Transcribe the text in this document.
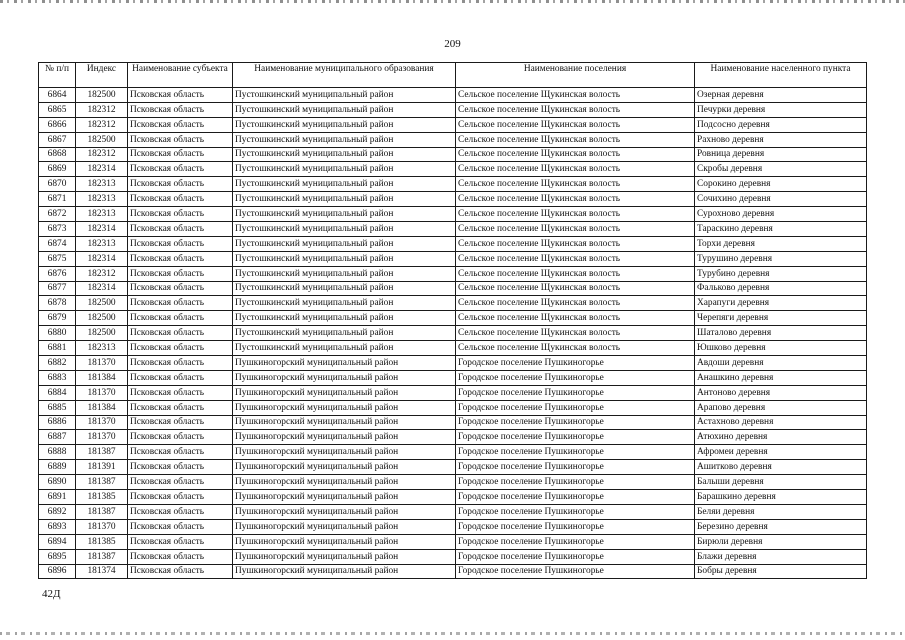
209
№ п/п	Индекс	Наименование субъекта	Наименование муниципального образования	Наименование поселения	Наименование населенного пункта
6864	182500	Псковская область	Пустошкинский муниципальный район	Сельское поселение Щукинская волость	Озерная деревня
6865	182312	Псковская область	Пустошкинский муниципальный район	Сельское поселение Щукинская волость	Печурки деревня
6866	182312	Псковская область	Пустошкинский муниципальный район	Сельское поселение Щукинская волость	Подсосно деревня
6867	182500	Псковская область	Пустошкинский муниципальный район	Сельское поселение Щукинская волость	Рахново деревня
6868	182312	Псковская область	Пустошкинский муниципальный район	Сельское поселение Щукинская волость	Ровница деревня
6869	182314	Псковская область	Пустошкинский муниципальный район	Сельское поселение Щукинская волость	Скробы деревня
6870	182313	Псковская область	Пустошкинский муниципальный район	Сельское поселение Щукинская волость	Сорокино деревня
6871	182313	Псковская область	Пустошкинский муниципальный район	Сельское поселение Щукинская волость	Сочихино деревня
6872	182313	Псковская область	Пустошкинский муниципальный район	Сельское поселение Щукинская волость	Сурохново деревня
6873	182314	Псковская область	Пустошкинский муниципальный район	Сельское поселение Щукинская волость	Тараскино деревня
6874	182313	Псковская область	Пустошкинский муниципальный район	Сельское поселение Щукинская волость	Торхи деревня
6875	182314	Псковская область	Пустошкинский муниципальный район	Сельское поселение Щукинская волость	Турушино деревня
6876	182312	Псковская область	Пустошкинский муниципальный район	Сельское поселение Щукинская волость	Турубино деревня
6877	182314	Псковская область	Пустошкинский муниципальный район	Сельское поселение Щукинская волость	Фальково деревня
6878	182500	Псковская область	Пустошкинский муниципальный район	Сельское поселение Щукинская волость	Харапуги деревня
6879	182500	Псковская область	Пустошкинский муниципальный район	Сельское поселение Щукинская волость	Черепяги деревня
6880	182500	Псковская область	Пустошкинский муниципальный район	Сельское поселение Щукинская волость	Шаталово деревня
6881	182313	Псковская область	Пустошкинский муниципальный район	Сельское поселение Щукинская волость	Юшково деревня
6882	181370	Псковская область	Пушкиногорский муниципальный район	Городское поселение Пушкиногорье	Авдоши деревня
6883	181384	Псковская область	Пушкиногорский муниципальный район	Городское поселение Пушкиногорье	Анашкино деревня
6884	181370	Псковская область	Пушкиногорский муниципальный район	Городское поселение Пушкиногорье	Антоново деревня
6885	181384	Псковская область	Пушкиногорский муниципальный район	Городское поселение Пушкиногорье	Арапово деревня
6886	181370	Псковская область	Пушкиногорский муниципальный район	Городское поселение Пушкиногорье	Астахново деревня
6887	181370	Псковская область	Пушкиногорский муниципальный район	Городское поселение Пушкиногорье	Атюхино деревня
6888	181387	Псковская область	Пушкиногорский муниципальный район	Городское поселение Пушкиногорье	Афромеи деревня
6889	181391	Псковская область	Пушкиногорский муниципальный район	Городское поселение Пушкиногорье	Ашитково деревня
6890	181387	Псковская область	Пушкиногорский муниципальный район	Городское поселение Пушкиногорье	Балыши деревня
6891	181385	Псковская область	Пушкиногорский муниципальный район	Городское поселение Пушкиногорье	Барашкино деревня
6892	181387	Псковская область	Пушкиногорский муниципальный район	Городское поселение Пушкиногорье	Беляи деревня
6893	181370	Псковская область	Пушкиногорский муниципальный район	Городское поселение Пушкиногорье	Березино деревня
6894	181385	Псковская область	Пушкиногорский муниципальный район	Городское поселение Пушкиногорье	Бирюли деревня
6895	181387	Псковская область	Пушкиногорский муниципальный район	Городское поселение Пушкиногорье	Блажи деревня
6896	181374	Псковская область	Пушкиногорский муниципальный район	Городское поселение Пушкиногорье	Бобры деревня
42Д
